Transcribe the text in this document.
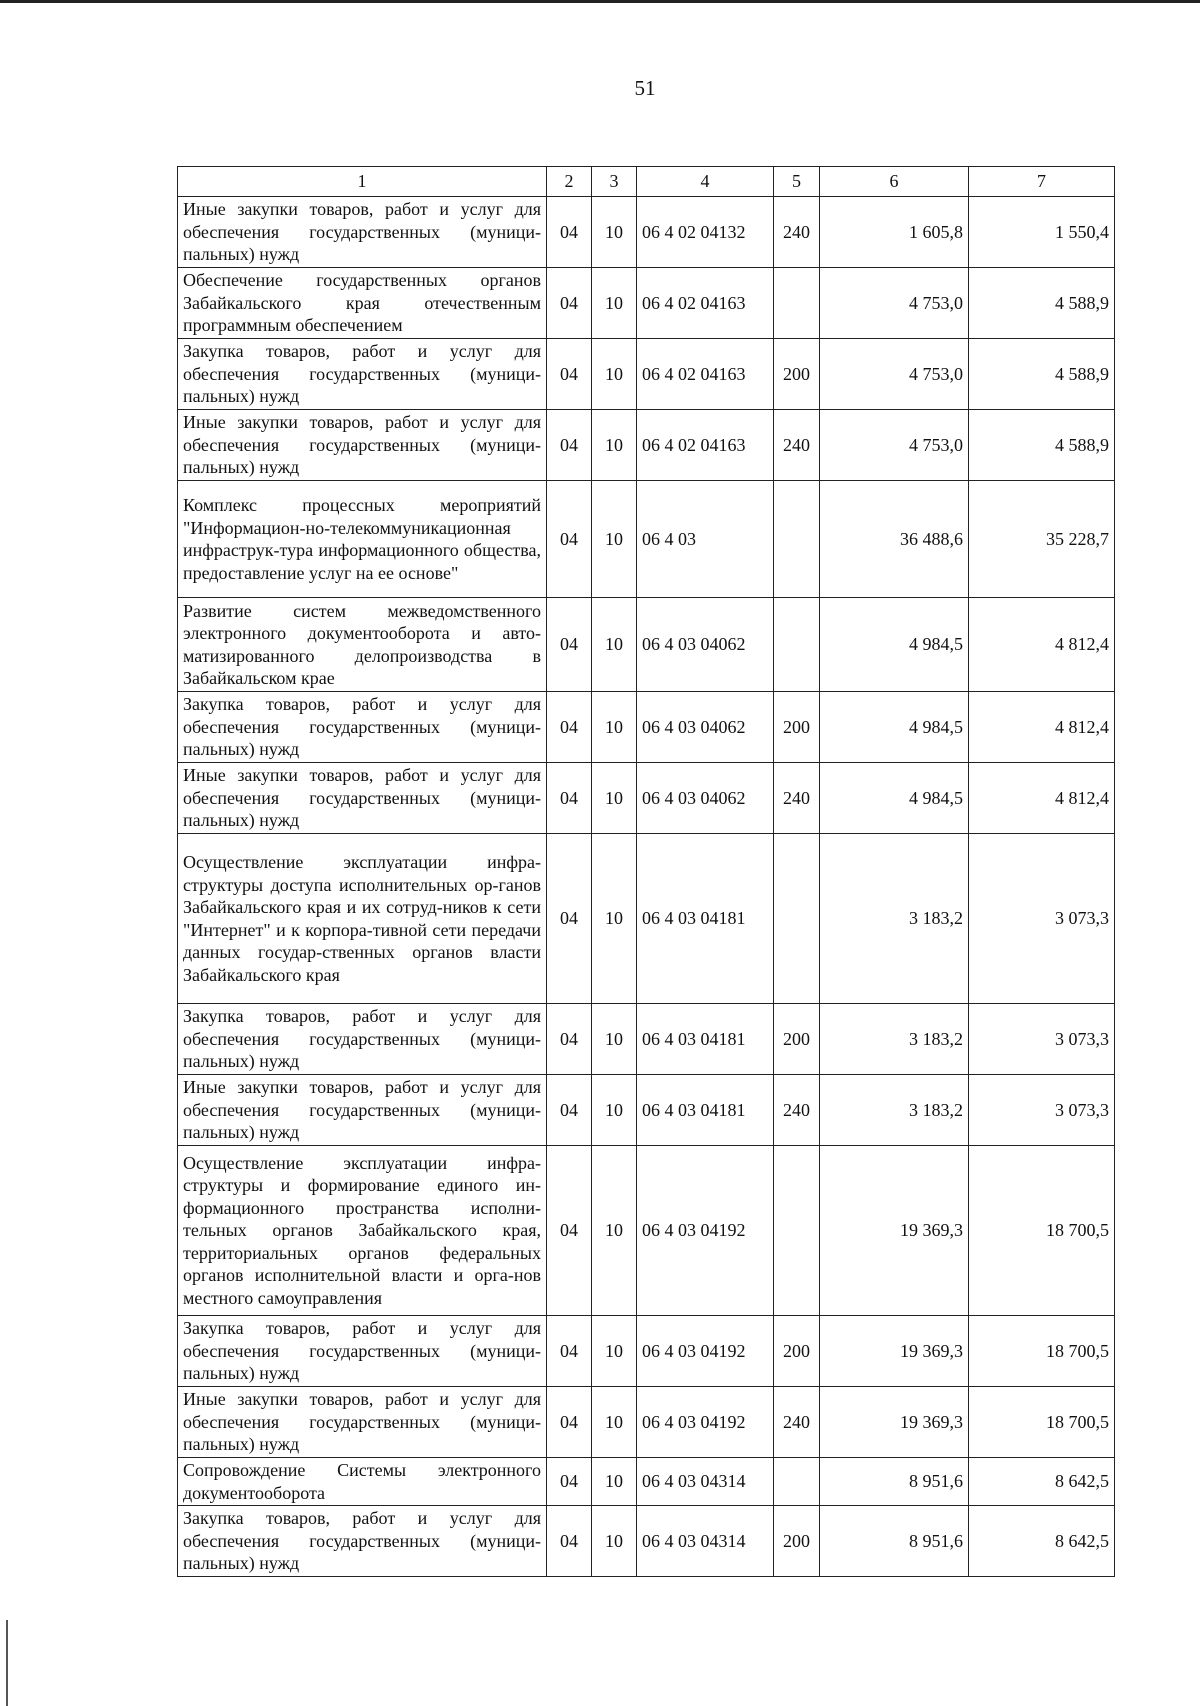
51
1	2	3	4	5	6	7
Иные закупки товаров, работ и услуг для обеспечения государственных (муници-пальных) нужд	04	10	06 4 02 04132	240	1 605,8	1 550,4
Обеспечение государственных органов Забайкальского края отечественным программным обеспечением	04	10	06 4 02 04163		4 753,0	4 588,9
Закупка товаров, работ и услуг для обеспечения государственных (муници-пальных) нужд	04	10	06 4 02 04163	200	4 753,0	4 588,9
Иные закупки товаров, работ и услуг для обеспечения государственных (муници-пальных) нужд	04	10	06 4 02 04163	240	4 753,0	4 588,9
Комплекс процессных мероприятий "Информацион-но-телекоммуникационная инфраструк-тура информационного общества, предоставление услуг на ее основе"	04	10	06 4 03		36 488,6	35 228,7
Развитие систем межведомственного электронного документооборота и авто-матизированного делопроизводства в Забайкальском крае	04	10	06 4 03 04062		4 984,5	4 812,4
Закупка товаров, работ и услуг для обеспечения государственных (муници-пальных) нужд	04	10	06 4 03 04062	200	4 984,5	4 812,4
Иные закупки товаров, работ и услуг для обеспечения государственных (муници-пальных) нужд	04	10	06 4 03 04062	240	4 984,5	4 812,4
Осуществление эксплуатации инфра-структуры доступа исполнительных ор-ганов Забайкальского края и их сотруд-ников к сети "Интернет" и к корпора-тивной сети передачи данных государ-ственных органов власти Забайкальского края	04	10	06 4 03 04181		3 183,2	3 073,3
Закупка товаров, работ и услуг для обеспечения государственных (муници-пальных) нужд	04	10	06 4 03 04181	200	3 183,2	3 073,3
Иные закупки товаров, работ и услуг для обеспечения государственных (муници-пальных) нужд	04	10	06 4 03 04181	240	3 183,2	3 073,3
Осуществление эксплуатации инфра-структуры и формирование единого ин-формационного пространства исполни-тельных органов Забайкальского края, территориальных органов федеральных органов исполнительной власти и орга-нов местного самоуправления	04	10	06 4 03 04192		19 369,3	18 700,5
Закупка товаров, работ и услуг для обеспечения государственных (муници-пальных) нужд	04	10	06 4 03 04192	200	19 369,3	18 700,5
Иные закупки товаров, работ и услуг для обеспечения государственных (муници-пальных) нужд	04	10	06 4 03 04192	240	19 369,3	18 700,5
Сопровождение Системы электронного документооборота	04	10	06 4 03 04314		8 951,6	8 642,5
Закупка товаров, работ и услуг для обеспечения государственных (муници-пальных) нужд	04	10	06 4 03 04314	200	8 951,6	8 642,5
